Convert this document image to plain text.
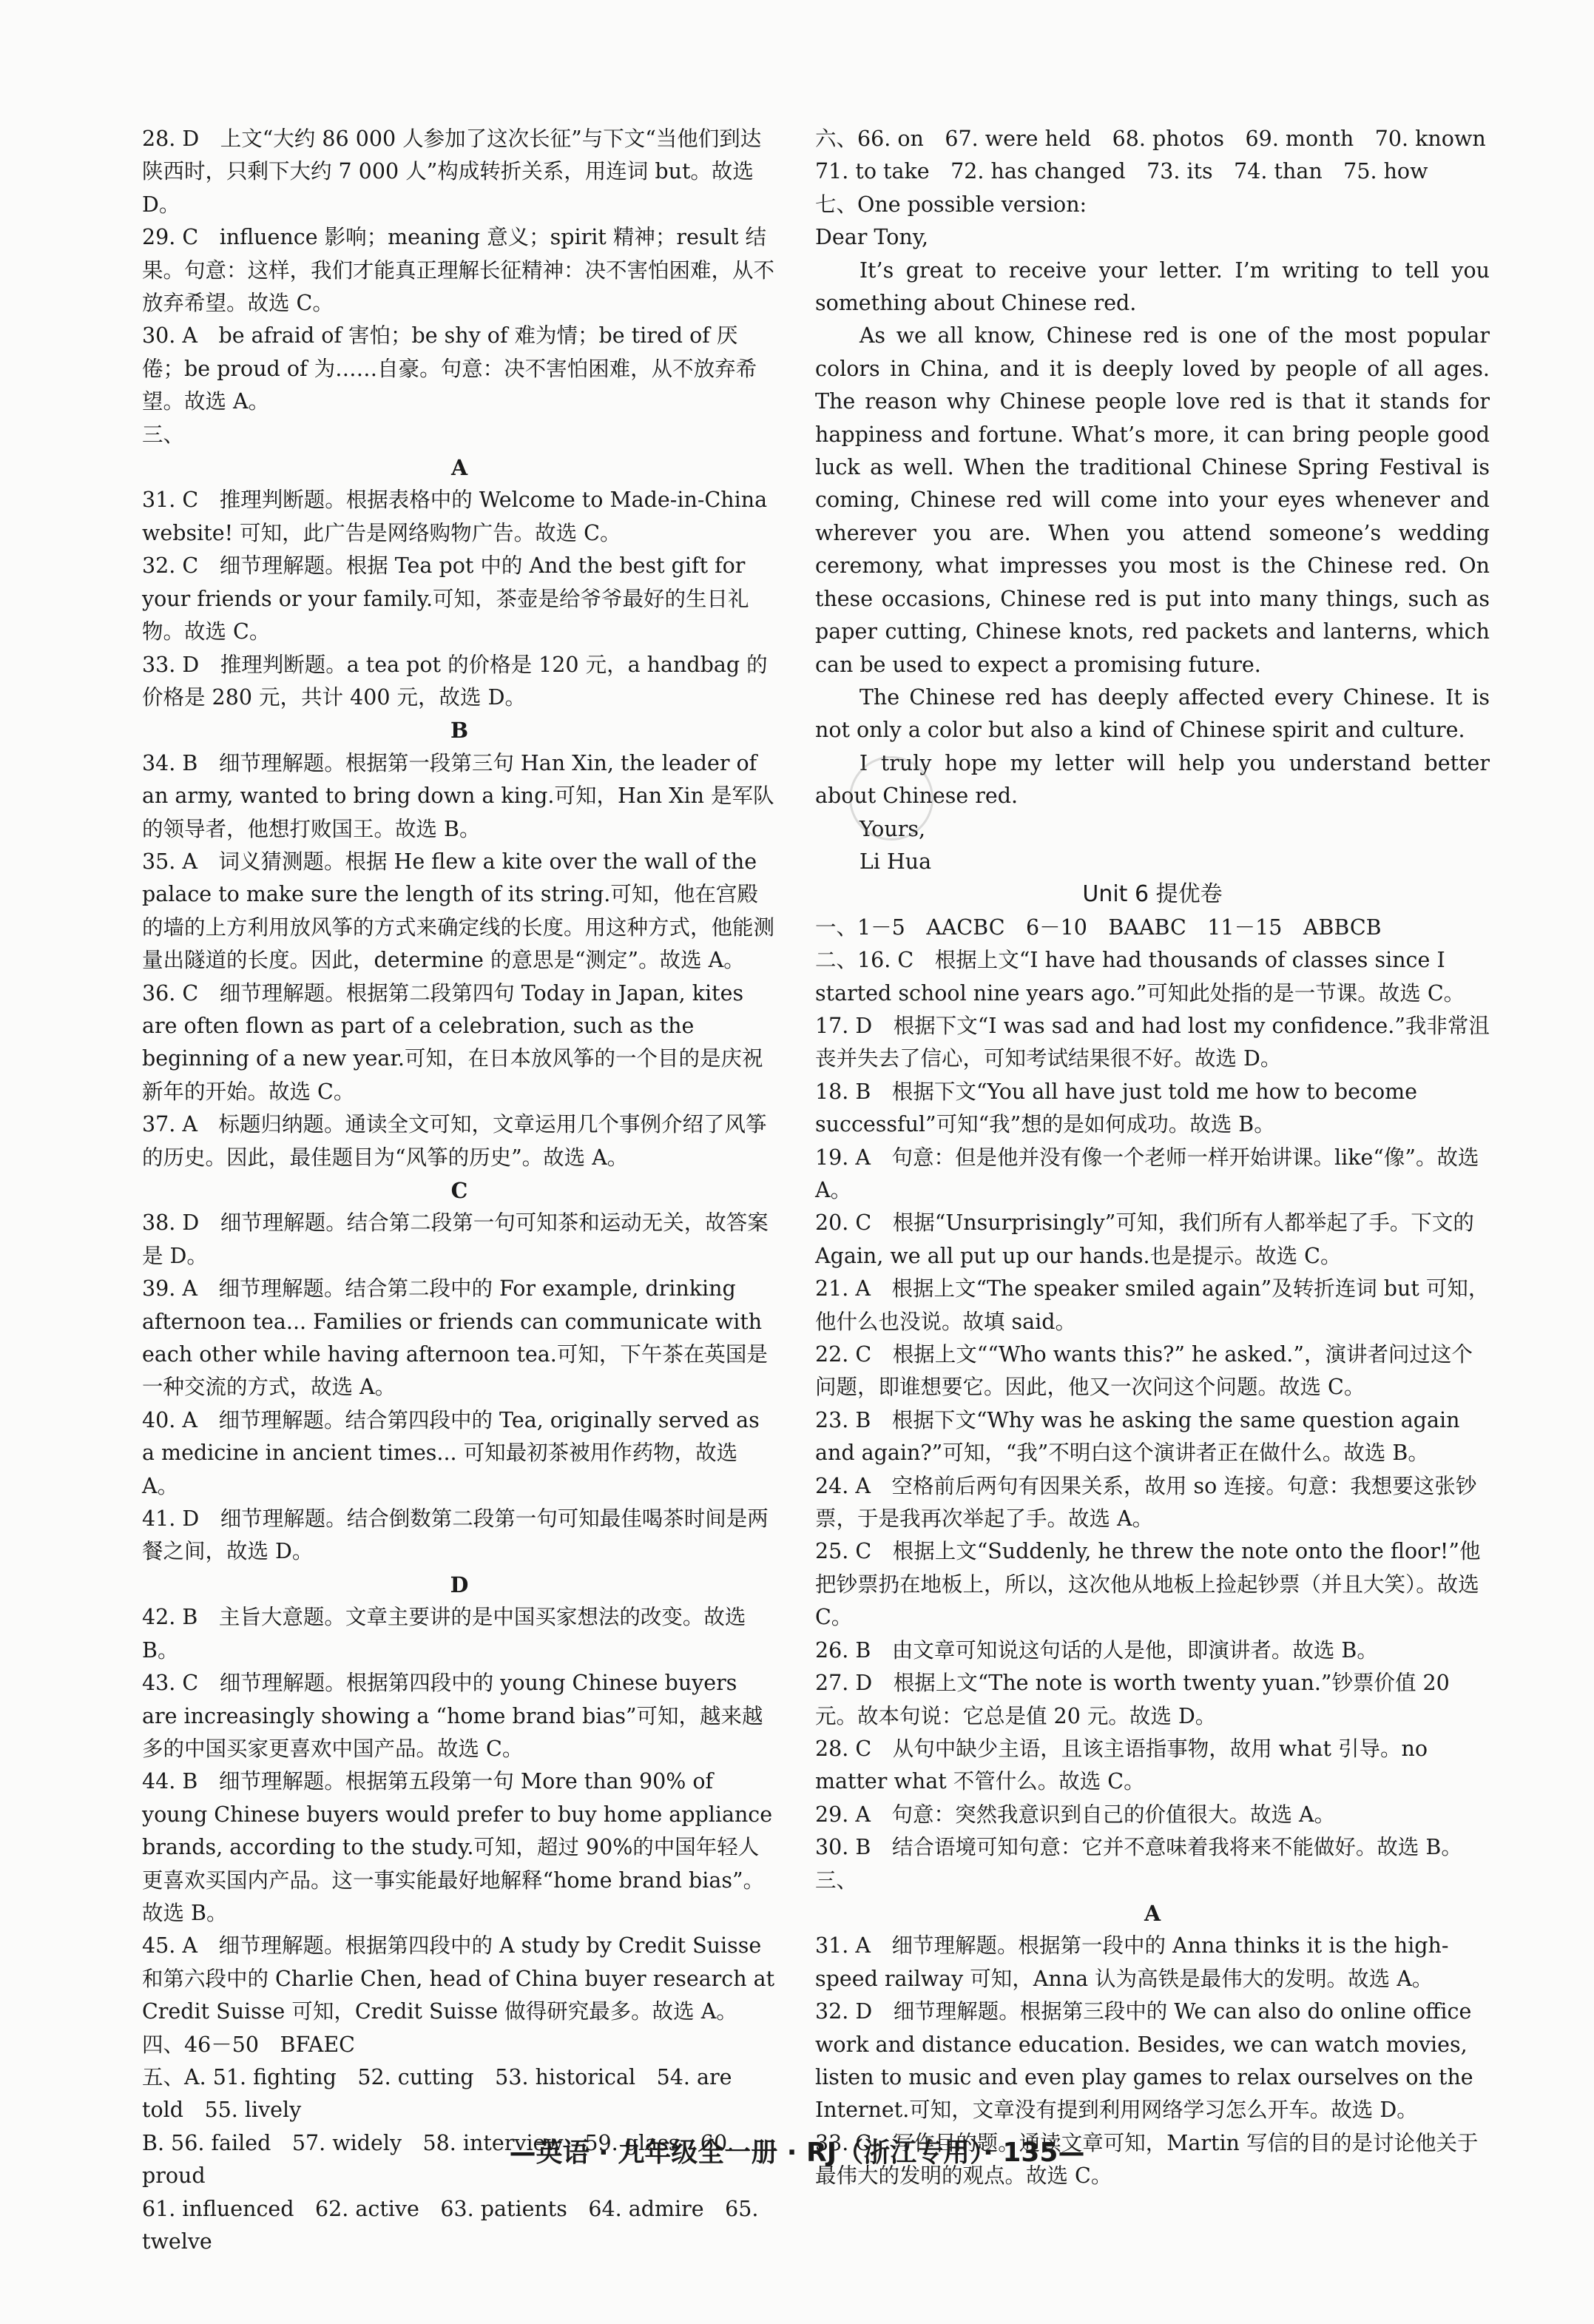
28. D　上文“大约 86 000 人参加了这次长征”与下文“当他们到达陕西时，只剩下大约 7 000 人”构成转折关系，用连词 but。故选 D。

29. C　influence 影响；meaning 意义；spirit 精神；result 结果。句意：这样，我们才能真正理解长征精神：决不害怕困难，从不放弃希望。故选 C。

30. A　be afraid of 害怕；be shy of 难为情；be tired of 厌倦；be proud of 为……自豪。句意：决不害怕困难，从不放弃希望。故选 A。

三、

A

31. C　推理判断题。根据表格中的 Welcome to Made-in-China website! 可知，此广告是网络购物广告。故选 C。

32. C　细节理解题。根据 Tea pot 中的 And the best gift for your friends or your family.可知，茶壶是给爷爷最好的生日礼物。故选 C。

33. D　推理判断题。a tea pot 的价格是 120 元，a handbag 的价格是 280 元，共计 400 元，故选 D。

B

34. B　细节理解题。根据第一段第三句 Han Xin, the leader of an army, wanted to bring down a king.可知，Han Xin 是军队的领导者，他想打败国王。故选 B。

35. A　词义猜测题。根据 He flew a kite over the wall of the palace to make sure the length of its string.可知，他在宫殿的墙的上方利用放风筝的方式来确定线的长度。用这种方式，他能测量出隧道的长度。因此，determine 的意思是“测定”。故选 A。

36. C　细节理解题。根据第二段第四句 Today in Japan, kites are often flown as part of a celebration, such as the beginning of a new year.可知，在日本放风筝的一个目的是庆祝新年的开始。故选 C。

37. A　标题归纳题。通读全文可知，文章运用几个事例介绍了风筝的历史。因此，最佳题目为“风筝的历史”。故选 A。

C

38. D　细节理解题。结合第二段第一句可知茶和运动无关，故答案是 D。

39. A　细节理解题。结合第二段中的 For example, drinking afternoon tea... Families or friends can communicate with each other while having afternoon tea.可知，下午茶在英国是一种交流的方式，故选 A。

40. A　细节理解题。结合第四段中的 Tea, originally served as a medicine in ancient times... 可知最初茶被用作药物，故选 A。

41. D　细节理解题。结合倒数第二段第一句可知最佳喝茶时间是两餐之间，故选 D。

D

42. B　主旨大意题。文章主要讲的是中国买家想法的改变。故选 B。

43. C　细节理解题。根据第四段中的 young Chinese buyers are increasingly showing a “home brand bias”可知，越来越多的中国买家更喜欢中国产品。故选 C。

44. B　细节理解题。根据第五段第一句 More than 90% of young Chinese buyers would prefer to buy home appliance brands, according to the study.可知，超过 90%的中国年轻人更喜欢买国内产品。这一事实能最好地解释“home brand bias”。故选 B。

45. A　细节理解题。根据第四段中的 A study by Credit Suisse 和第六段中的 Charlie Chen, head of China buyer research at Credit Suisse 可知，Credit Suisse 做得研究最多。故选 A。

四、46－50　BFAEC

五、A. 51. fighting　52. cutting　53. historical　54. are told　55. lively

B. 56. failed　57. widely　58. interview　59. glass　60. proud

61. influenced　62. active　63. patients　64. admire　65. twelve

六、66. on　67. were held　68. photos　69. month　70. known

71. to take　72. has changed　73. its　74. than　75. how

七、One possible version:

Dear Tony,

It’s great to receive your letter. I’m writing to tell you something about Chinese red.

As we all know, Chinese red is one of the most popular colors in China, and it is deeply loved by people of all ages. The reason why Chinese people love red is that it stands for happiness and fortune. What’s more, it can bring people good luck as well. When the traditional Chinese Spring Festival is coming, Chinese red will come into your eyes whenever and wherever you are. When you attend someone’s wedding ceremony, what impresses you most is the Chinese red. On these occasions, Chinese red is put into many things, such as paper cutting, Chinese knots, red packets and lanterns, which can be used to expect a promising future.

The Chinese red has deeply affected every Chinese. It is not only a color but also a kind of Chinese spirit and culture.

I truly hope my letter will help you understand better about Chinese red.

Yours,

Li Hua

Unit 6 提优卷

一、1－5　AACBC　6－10　BAABC　11－15　ABBCB

二、16. C　根据上文“I have had thousands of classes since I started school nine years ago.”可知此处指的是一节课。故选 C。

17. D　根据下文“I was sad and had lost my confidence.”我非常沮丧并失去了信心，可知考试结果很不好。故选 D。

18. B　根据下文“You all have just told me how to become successful”可知“我”想的是如何成功。故选 B。

19. A　句意：但是他并没有像一个老师一样开始讲课。like“像”。故选 A。

20. C　根据“Unsurprisingly”可知，我们所有人都举起了手。下文的 Again, we all put up our hands.也是提示。故选 C。

21. A　根据上文“The speaker smiled again”及转折连词 but 可知，他什么也没说。故填 said。

22. C　根据上文““Who wants this?” he asked.”，演讲者问过这个问题，即谁想要它。因此，他又一次问这个问题。故选 C。

23. B　根据下文“Why was he asking the same question again and again?”可知，“我”不明白这个演讲者正在做什么。故选 B。

24. A　空格前后两句有因果关系，故用 so 连接。句意：我想要这张钞票，于是我再次举起了手。故选 A。

25. C　根据上文“Suddenly, he threw the note onto the floor!”他把钞票扔在地板上，所以，这次他从地板上捡起钞票（并且大笑）。故选 C。

26. B　由文章可知说这句话的人是他，即演讲者。故选 B。

27. D　根据上文“The note is worth twenty yuan.”钞票价值 20 元。故本句说：它总是值 20 元。故选 D。

28. C　从句中缺少主语，且该主语指事物，故用 what 引导。no matter what 不管什么。故选 C。

29. A　句意：突然我意识到自己的价值很大。故选 A。

30. B　结合语境可知句意：它并不意味着我将来不能做好。故选 B。

三、

A

31. A　细节理解题。根据第一段中的 Anna thinks it is the high-speed railway 可知，Anna 认为高铁是最伟大的发明。故选 A。

32. D　细节理解题。根据第三段中的 We can also do online office work and distance education. Besides, we can watch movies, listen to music and even play games to relax ourselves on the Internet.可知，文章没有提到利用网络学习怎么开车。故选 D。

33. C　写作目的题。通读文章可知，Martin 写信的目的是讨论他关于最伟大的发明的观点。故选 C。

—英语 · 九年级全一册 · RJ（浙江专用）· 135—
